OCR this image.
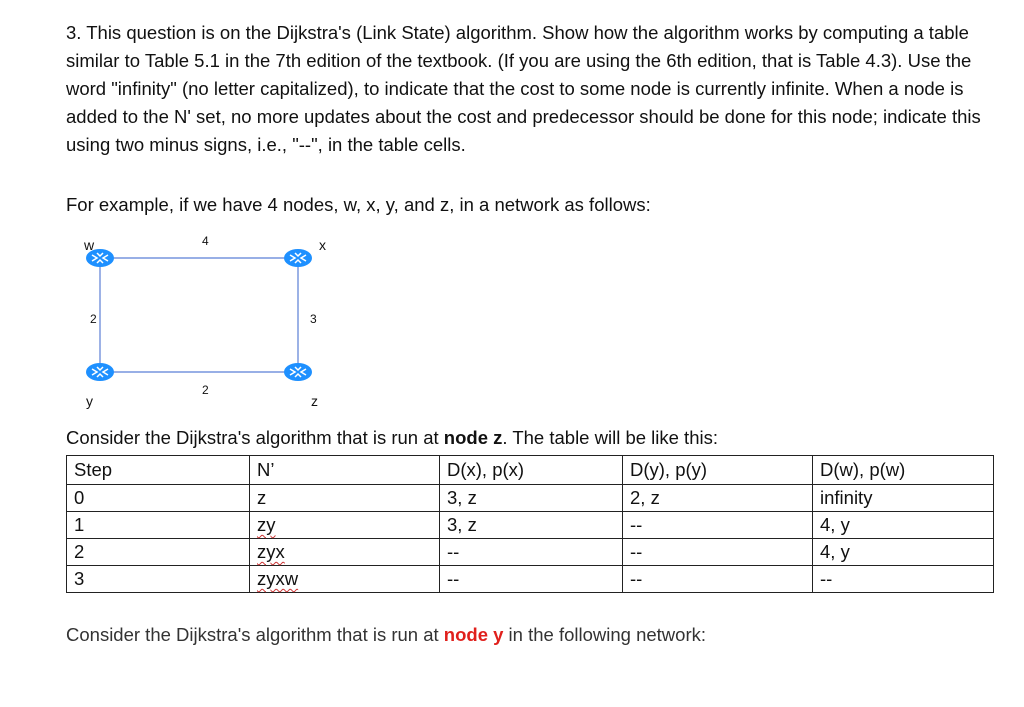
3. This question is on the Dijkstra's (Link State) algorithm. Show how the algorithm works by computing a table similar to Table 5.1 in the 7th edition of the textbook. (If you are using the 6th edition, that is Table 4.3). Use the word "infinity" (no letter capitalized), to indicate that the cost to some node is currently infinite. When a node is added to the N' set, no more updates about the cost and predecessor should be done for this node; indicate this using two minus signs, i.e., "--", in the table cells.
For example, if we have 4 nodes, w, x, y, and z, in a network as follows:
w	x
y	z
4
2	3
2
Consider the Dijkstra's algorithm that is run at node z. The table will be like this:
Step	N’	D(x), p(x)	D(y), p(y)	D(w), p(w)
0	z	3, z	2, z	infinity
1	zy	3, z	--	4, y
2	zyx	--	--	4, y
3	zyxw	--	--	--
Consider the Dijkstra's algorithm that is run at node y in the following network:
